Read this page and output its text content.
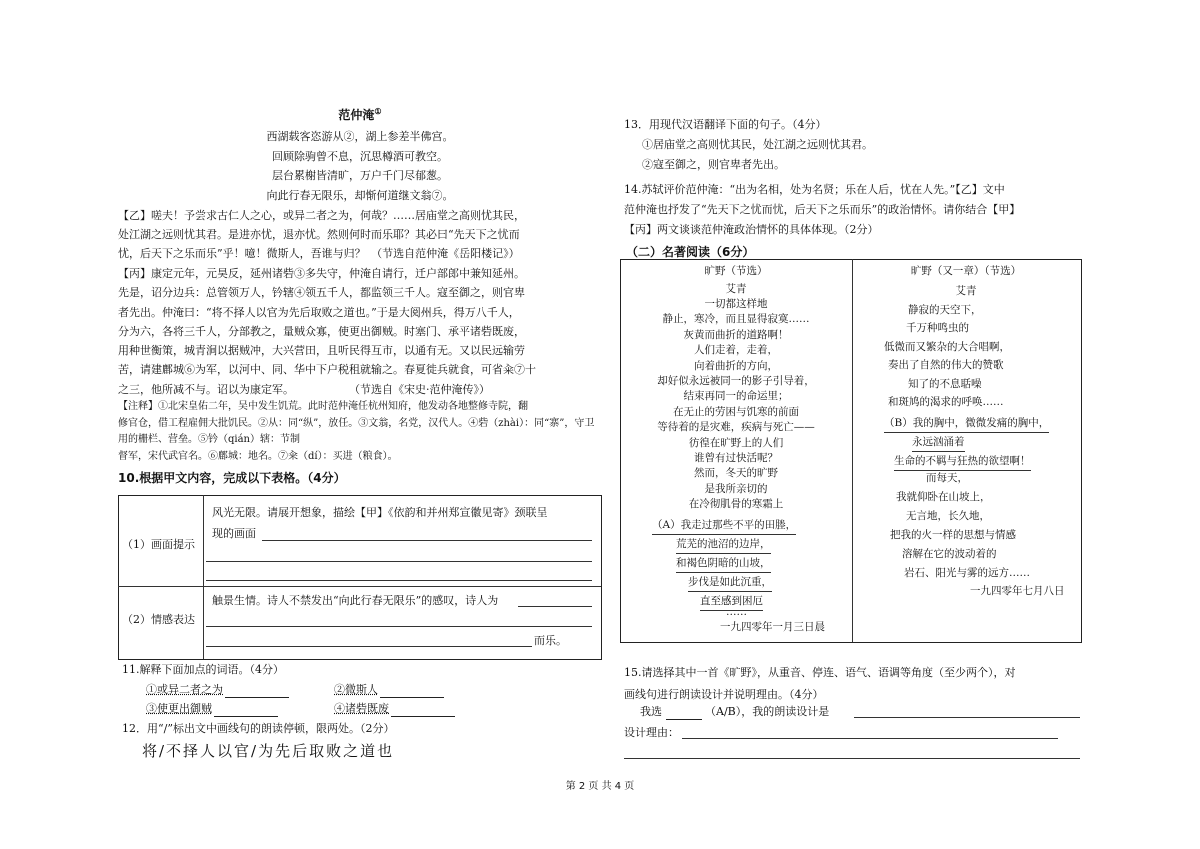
范仲淹①
西湖载客恣游从②，湖上参差半佛宫。
回顾除驹曾不息，沉思樽酒可教空。
层台累榭皆清旷，万户千门尽郁葱。
向此行春无限乐，却惭何道继文翁⑦。
【乙】嗟夫！予尝求古仁人之心，或异二者之为，何哉？……居庙堂之高则忧其民，
处江湖之远则忧其君。是进亦忧，退亦忧。然则何时而乐耶？其必曰“先天下之忧而
忧，后天下之乐而乐”乎！噫！微斯人，吾谁与归？　（节选自范仲淹《岳阳楼记》）
【丙】康定元年，元昊反，延州诸砦③多失守，仲淹自请行，迁户部郎中兼知延州。
先是，诏分边兵：总管领万人，钤辖④领五千人，都监领三千人。寇至御之，则官卑
者先出。仲淹曰：“将不择人以官为先后取败之道也。”于是大阅州兵，得万八千人，
分为六，各将三千人，分部教之，量贼众寡，使更出御贼。时塞门、承平诸砦既废，
用种世衡策，城青涧以据贼冲，大兴营田，且听民得互市，以通有无。又以民远输劳
苦，请建鄜城⑥为军，以河中、同、华中下户税租就输之。春夏徙兵就食，可省籴⑦十
之三，他所减不与。诏以为康定军。　　　　　　（节选自《宋史·范仲淹传》）
【注释】①北宋皇佑二年，吴中发生饥荒。此时范仲淹任杭州知府，他发动各地整修寺院，翻
修官仓，借工程雇佣大批饥民。②从：同“纵”，放任。③文翁，名党，汉代人。④砦（zhài）：同“寨”，守卫用的栅栏、营垒。⑤钤（qián）辖：节制
督军，宋代武官名。⑥鄜城：地名。⑦籴（dí）：买进（粮食）。
10.根据甲文内容，完成以下表格。（4分）
（1）画面提示
风光无限。请展开想象，描绘【甲】《依韵和并州郑宣徽见寄》颈联呈
现的画面
（2）情感表达
触景生情。诗人不禁发出“向此行春无限乐”的感叹，诗人为
而乐。
11.解释下面加点的词语。（4分）
①或异二者之为	②微斯人
③使更出御贼	④诸砦既废
12．用“/”标出文中画线句的朗读停顿，限两处。（2分）
将/不择人以官/为先后取败之道也
13．用现代汉语翻译下面的句子。（4分）
①居庙堂之高则忧其民，处江湖之远则忧其君。
②寇至御之，则官卑者先出。
14.苏轼评价范仲淹：“出为名相，处为名贤；乐在人后，忧在人先。”【乙】文中
范仲淹也抒发了“先天下之忧而忧，后天下之乐而乐”的政治情怀。请你结合【甲】
【丙】两文谈谈范仲淹政治情怀的具体体现。（2分）
（二）名著阅读（6分）
旷野（节选）
艾青
一切都这样地
静止，寒冷，而且显得寂寞……
灰黄而曲折的道路啊！
人们走着，走着，
向着曲折的方向，
却好似永远被同一的影子引导着，
结束再同一的命运里；
在无止的劳困与饥寒的前面
等待着的是灾难，疾病与死亡——
彷徨在旷野上的人们
谁曾有过快活呢？
然而，冬天的旷野
是我所亲切的
在冷彻肌骨的寒霜上
（A）我走过那些不平的田塍，
荒芜的池沼的边岸，
和褐色阴暗的山坡，
步伐是如此沉重，
直至感到困厄
……
一九四零年一月三日晨
旷野（又一章）（节选）
艾青
静寂的天空下，
千万种鸣虫的
低微而又繁杂的大合唱啊，
奏出了自然的伟大的赞歌
知了的不息聒噪
和斑鸠的渴求的呼唤……
（B）我的胸中，微微发痛的胸中，
永远汹涌着
生命的不羁与狂热的欲望啊！
而每天，
我就仰卧在山坡上，
无言地，长久地，
把我的火一样的思想与情感
溶解在它的波动着的
岩石、阳光与雾的远方……
一九四零年七月八日
15.请选择其中一首《旷野》，从重音、停连、语气、语调等角度（至少两个），对
画线句进行朗读设计并说明理由。（4分）
我选	（A/B），我的朗读设计是
设计理由：
第 2 页 共 4 页
